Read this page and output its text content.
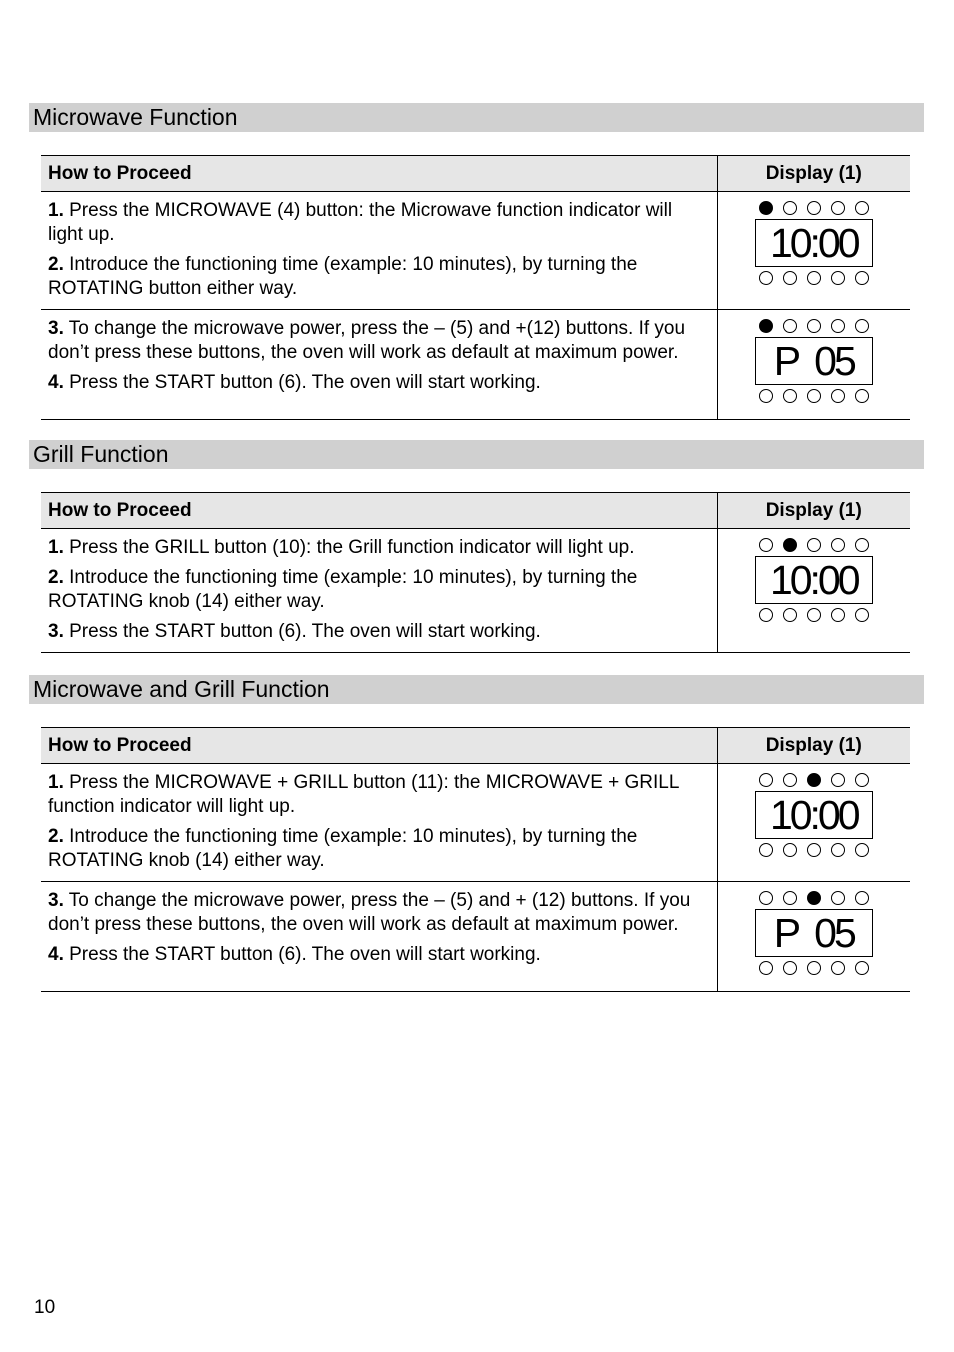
Microwave Function
How to Proceed	Display (1)

1. Press the MICROWAVE (4) button: the Microwave function indicator will light up.

2. Introduce the functioning time (example: 10 minutes), by turning the ROTATING button either way.	10:00

3. To change the microwave power, press the – (5) and +(12) buttons. If you don’t press these buttons, the oven will work as default at maximum power.

4. Press the START button (6). The oven will start working.	P  05
Grill Function
How to Proceed	Display (1)

1. Press the GRILL button (10): the Grill function indicator will light up.

2. Introduce the functioning time (example: 10 minutes), by turning the ROTATING knob (14) either way.

3. Press the START button (6). The oven will start working.	10:00
Microwave and Grill Function
How to Proceed	Display (1)

1. Press the MICROWAVE + GRILL button (11): the MICROWAVE + GRILL function indicator will light up.

2. Introduce the functioning time (example: 10 minutes), by turning the ROTATING knob (14) either way.	10:00

3. To change the microwave power, press the – (5) and + (12) buttons. If you don’t press these buttons, the oven will work as default at maximum power.

4. Press the START button (6). The oven will start working.	P  05
10
